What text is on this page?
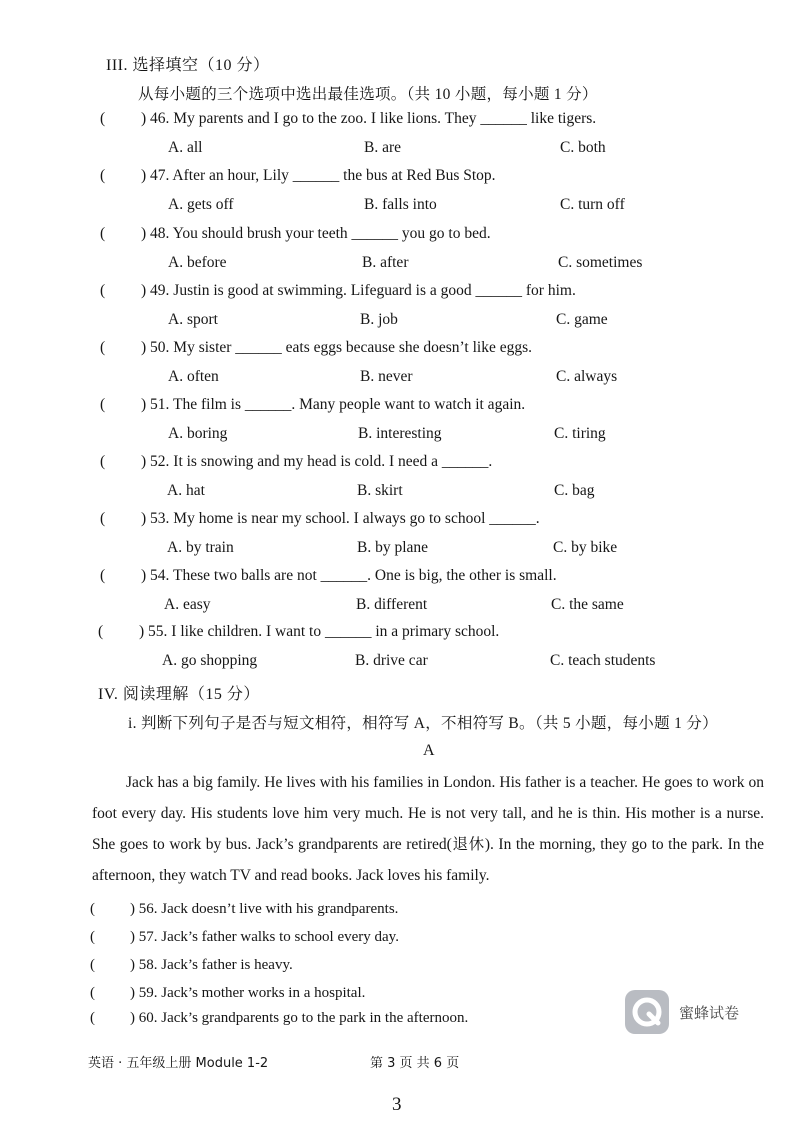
III. 选择填空（10 分）
从每小题的三个选项中选出最佳选项。（共 10 小题，每小题 1 分）
( ) 46. My parents and I go to the zoo. I like lions. They ______ like tigers.
A. all	B. are	C. both
( ) 47. After an hour, Lily ______ the bus at Red Bus Stop.
A. gets off	B. falls into	C. turn off
( ) 48. You should brush your teeth ______ you go to bed.
A. before	B. after	C. sometimes
( ) 49. Justin is good at swimming. Lifeguard is a good ______ for him.
A. sport	B. job	C. game
( ) 50. My sister ______ eats eggs because she doesn’t like eggs.
A. often	B. never	C. always
( ) 51. The film is ______. Many people want to watch it again.
A. boring	B. interesting	C. tiring
( ) 52. It is snowing and my head is cold. I need a ______.
A. hat	B. skirt	C. bag
( ) 53. My home is near my school. I always go to school ______.
A. by train	B. by plane	C. by bike
( ) 54. These two balls are not ______. One is big, the other is small.
A. easy	B. different	C. the same
( ) 55. I like children. I want to ______ in a primary school.
A. go shopping	B. drive car	C. teach students
IV. 阅读理解（15 分）
i. 判断下列句子是否与短文相符，相符写 A，不相符写 B。（共 5 小题，每小题 1 分）
A
Jack has a big family. He lives with his families in London. His father is a teacher. He goes to work on foot every day. His students love him very much. He is not very tall, and he is thin. His mother is a nurse. She goes to work by bus. Jack’s grandparents are retired(退休). In the morning, they go to the park. In the afternoon, they watch TV and read books. Jack loves his family.
( ) 56. Jack doesn’t live with his grandparents.
( ) 57. Jack’s father walks to school every day.
( ) 58. Jack’s father is heavy.
( ) 59. Jack’s mother works in a hospital.
( ) 60. Jack’s grandparents go to the park in the afternoon.	蜜蜂试卷
英语 · 五年级上册 Module 1-2	第 3 页 共 6 页
3
